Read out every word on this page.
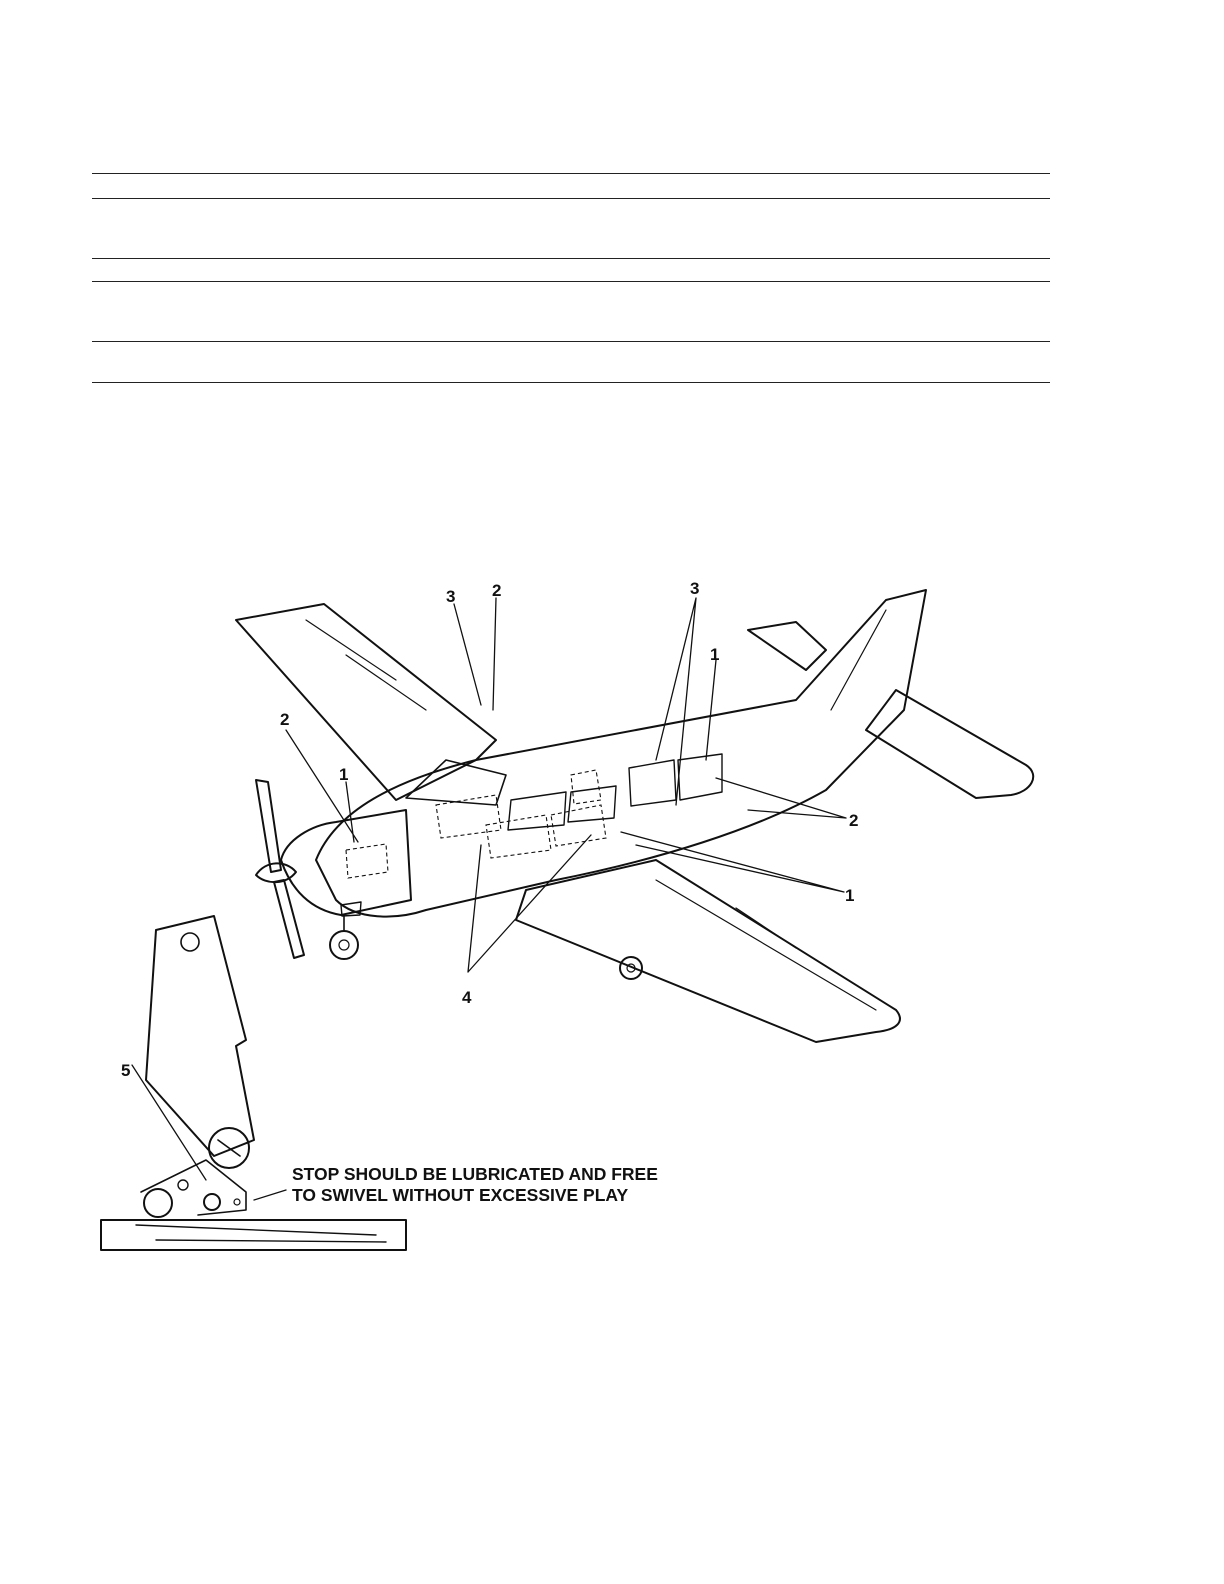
3 2	3
1
2
1
2
1
4
5
STOP SHOULD BE LUBRICATED AND FREE
TO SWIVEL WITHOUT EXCESSIVE PLAY
